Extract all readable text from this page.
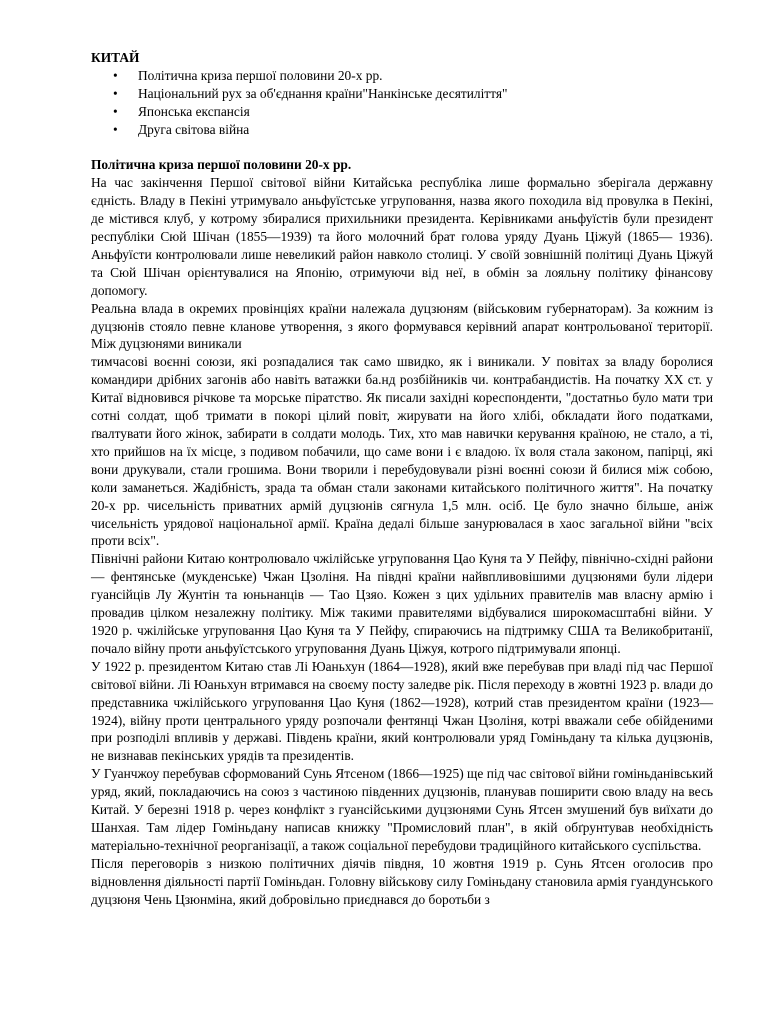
КИТАЙ
• Політична криза першої половини 20-х рр.
• Національний рух за об'єднання країни"Нанкінське десятиліття"
• Японська експансія
• Друга світова війна
Політична криза першої половини 20-х рр.

На час закінчення Першої світової війни Китайська республіка лише формально зберігала державну єдність. Владу в Пекіні утримувало аньфуїстське угруповання, назва якого походила від провулка в Пекіні, де містився клуб, у котрому збиралися прихильники президента. Керівниками аньфуїстів були президент республіки Сюй Шічан (1855—1939) та його молочний брат голова уряду Дуань Ціжуй (1865— 1936). Аньфуїсти контролювали лише невеликий район навколо столиці. У своїй зовнішній політиці Дуань Ціжуй та Сюй Шічан орієнтувалися на Японію, отримуючи від неї, в обмін за лояльну політику фінансову допомогу.

Реальна влада в окремих провінціях країни належала дуцзюням (військовим губернаторам). За кожним із дуцзюнів стояло певне кланове утворення, з якого формувався керівний апарат контрольованої території. Між дуцзюнями виникали

тимчасові воєнні союзи, які розпадалися так само швидко, як і виникали. У повітах за владу боролися командири дрібних загонів або навіть ватажки ба.нд розбійників чи. контрабандистів. На початку XX ст. у Китаї відновився річкове та морське піратство. Як писали західні кореспонденти, "достатньо було мати три сотні солдат, щоб тримати в покорі цілий повіт, жирувати на його хлібі, обкладати його податками, ґвалтувати його жінок, забирати в солдати молодь. Тих, хто мав навички керування країною, не стало, а ті, хто прийшов на їх місце, з подивом побачили, що саме вони і є владою. їх воля стала законом, папірці, які вони друкували, стали грошима. Вони творили і перебудовували різні воєнні союзи й билися між собою, коли заманеться. Жадібність, зрада та обман стали законами китайського політичного життя". На початку 20-х рр. чисельність приватних армій дуцзюнів сягнула 1,5 млн. осіб. Це було значно більше, аніж чисельність урядової національної армії. Країна дедалі більше занурювалася в хаос загальної війни "всіх проти всіх".

Північні райони Китаю контролювало чжілійське угруповання Цао Куня та У Пейфу, північно-східні райони — фентянське (мукденське) Чжан Цзоліня. На півдні країни найвпливовішими дуцзюнями були лідери гуансійців Лу Жунтін та юньнанців — Тао Цзяо. Кожен з цих удільних правителів мав власну армію і провадив цілком незалежну політику. Між такими правителями відбувалися широкомасштабні війни. У 1920 р. чжілійське угруповання Цао Куня та У Пейфу, спираючись на підтримку США та Великобританії, почало війну проти аньфуїстського угруповання Дуань Ціжуя, котрого підтримували японці.

У 1922 р. президентом Китаю став Лі Юаньхун (1864—1928), який вже перебував при владі під час Першої світової війни. Лі Юаньхун втримався на своєму посту заледве рік. Після переходу в жовтні 1923 р. влади до представника чжілійського угруповання Цао Куня (1862—1928), котрий став президентом країни (1923—1924), війну проти центрального уряду розпочали фентянці Чжан Цзоліня, котрі вважали себе обійденими при розподілі впливів у державі. Південь країни, який контролювали уряд Гоміньдану та кілька дуцзюнів, не визнавав пекінських урядів та президентів.

У Гуанчжоу перебував сформований Сунь Ятсеном (1866—1925) ще під час світової війни гоміньданівський уряд, який, покладаючись на союз з частиною південних дуцзюнів, планував поширити свою владу на весь Китай. У березні 1918 р. через конфлікт з гуансійськими дуцзюнями Сунь Ятсен змушений був виїхати до Шанхая. Там лідер Гоміньдану написав книжку "Промисловий план", в якій обґрунтував необхідність матеріально-технічної реорганізації, а також соціальної перебудови традиційного китайського суспільства.

Після переговорів з низкою політичних діячів півдня, 10 жовтня 1919 р. Сунь Ятсен оголосив про відновлення діяльності партії Гоміньдан. Головну військову силу Гоміньдану становила армія гуандунського дуцзюня Чень Цзюнміна, який добровільно приєднався до боротьби з
